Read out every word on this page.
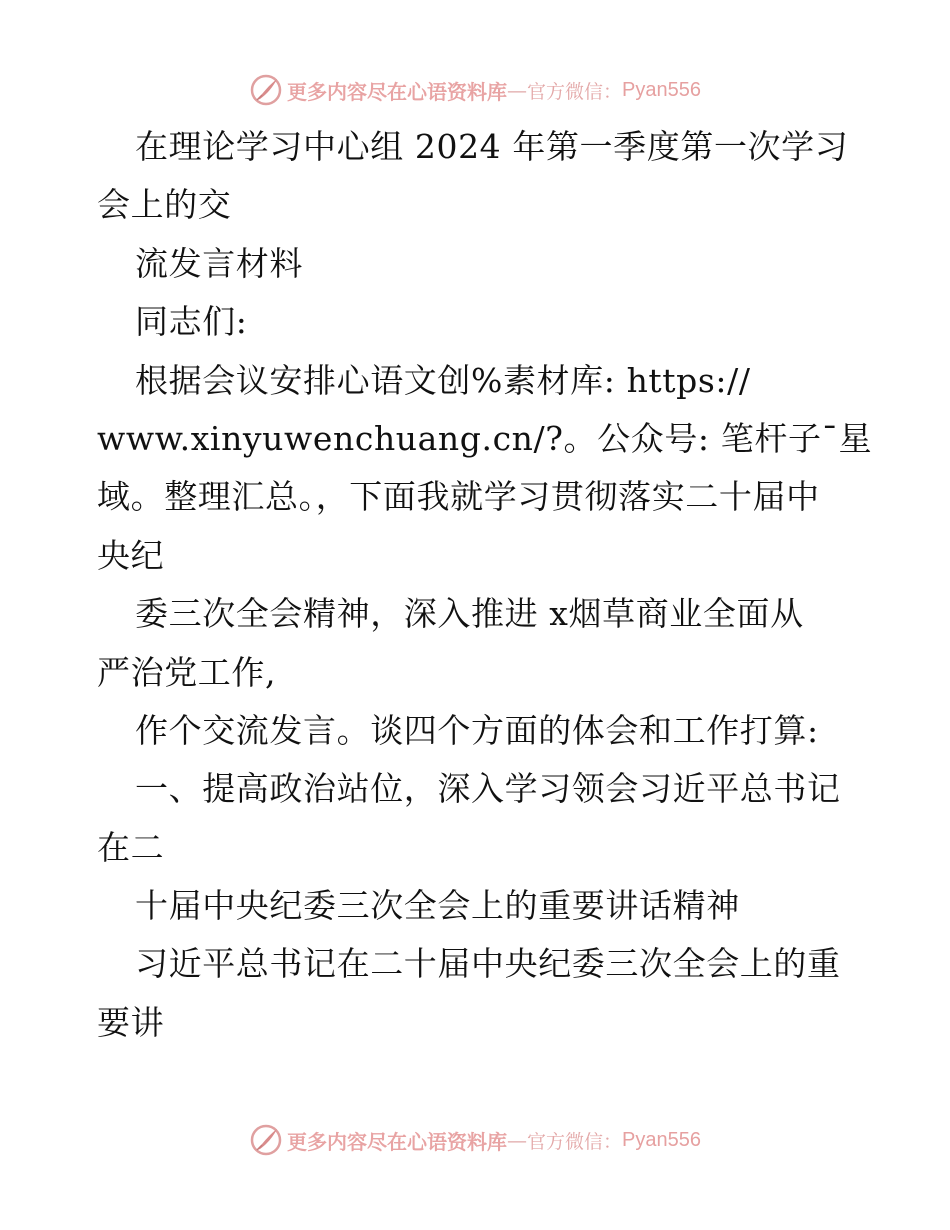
更多内容尽在心语资料库 — 官方微信： Pyan556
在理论学习中心组 2024 年第一季度第一次学习
会上的交
流发言材料
同志们:
根据会议安排心语文创%素材库: https://
www.xinyuwenchuang.cn/?。公众号: 笔杆子¯星
域。整理汇总。，下面我就学习贯彻落实二十届中
央纪
委三次全会精神，深入推进 x烟草商业全面从
严治党工作,
作个交流发言。谈四个方面的体会和工作打算:
一、提高政治站位，深入学习领会习近平总书记
在二
十届中央纪委三次全会上的重要讲话精神
习近平总书记在二十届中央纪委三次全会上的重
要讲
更多内容尽在心语资料库 — 官方微信： Pyan556
